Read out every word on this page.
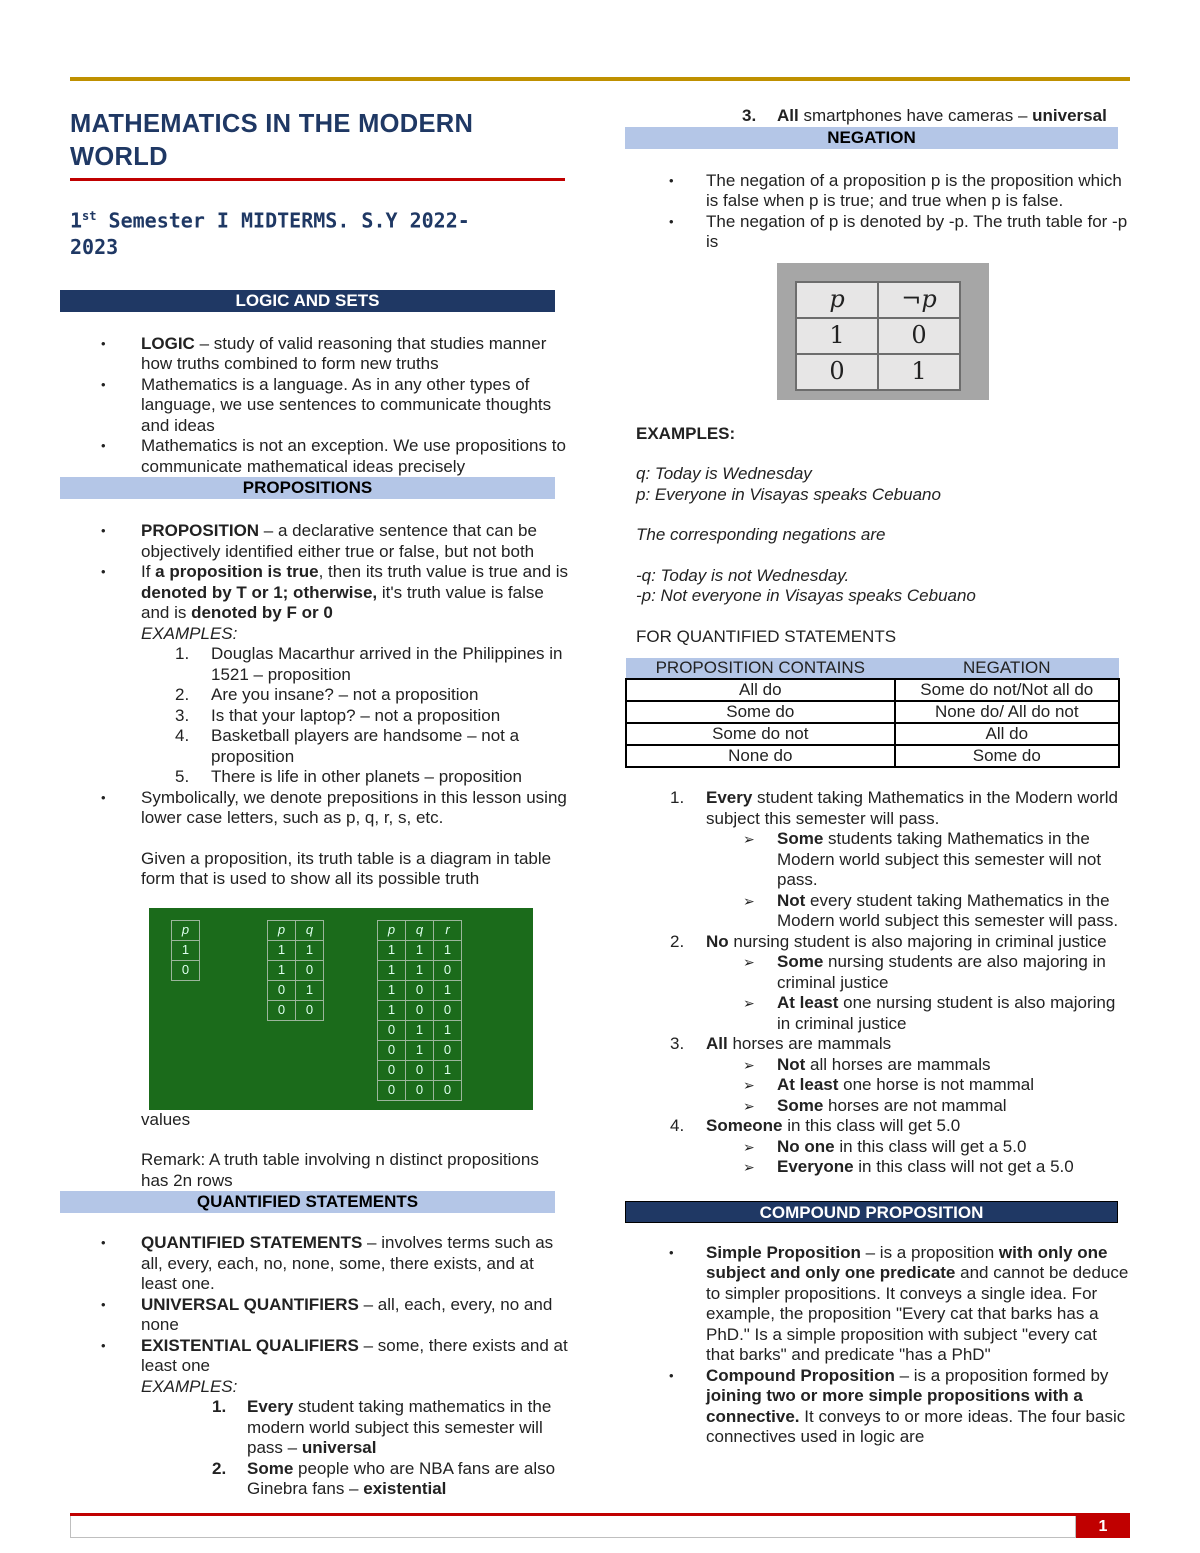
MATHEMATICS IN THE MODERN
WORLD
1st Semester I MIDTERMS. S.Y 2022-
2023
LOGIC AND SETS
• LOGIC – study of valid reasoning that studies manner how truths combined to form new truths
• Mathematics is a language. As in any other types of language, we use sentences to communicate thoughts and ideas
• Mathematics is not an exception. We use propositions to communicate mathematical ideas precisely
PROPOSITIONS
• PROPOSITION – a declarative sentence that can be objectively identified either true or false, but not both
• If a proposition is true, then its truth value is true and is denoted by T or 1; otherwise, it's truth value is false and is denoted by F or 0
EXAMPLES:
1. Douglas Macarthur arrived in the Philippines in 1521 – proposition
2. Are you insane? – not a proposition
3. Is that your laptop? – not a proposition
4. Basketball players are handsome – not a proposition
5. There is life in other planets – proposition
• Symbolically, we denote prepositions in this lesson using lower case letters, such as p, q, r, s, etc.
Given a proposition, its truth table is a diagram in table form that is used to show all its possible truth
p
1
0
p	q
1	1
1	0
0	1
0	0
p	q	r
1	1	1
1	1	0
1	0	1
1	0	0
0	1	1
0	1	0
0	0	1
0	0	0
values
Remark: A truth table involving n distinct propositions has 2n rows
QUANTIFIED STATEMENTS
• QUANTIFIED STATEMENTS – involves terms such as all, every, each, no, none, some, there exists, and at least one.
• UNIVERSAL QUANTIFIERS – all, each, every, no and none
• EXISTENTIAL QUALIFIERS – some, there exists and at least one
EXAMPLES:
1. Every student taking mathematics in the modern world subject this semester will pass – universal
2. Some people who are NBA fans are also Ginebra fans – existential
3. All smartphones have cameras – universal
NEGATION
• The negation of a proposition p is the proposition which is false when p is true; and true when p is false.
• The negation of p is denoted by -p. The truth table for -p is
p	¬p
1	0
0	1
EXAMPLES:
q: Today is Wednesday
p: Everyone in Visayas speaks Cebuano
The corresponding negations are
-q: Today is not Wednesday.
-p: Not everyone in Visayas speaks Cebuano
FOR QUANTIFIED STATEMENTS
PROPOSITION CONTAINS	NEGATION
All do	Some do not/Not all do
Some do	None do/ All do not
Some do not	All do
None do	Some do
1. Every student taking Mathematics in the Modern world subject this semester will pass.
➢ Some students taking Mathematics in the Modern world subject this semester will not pass.
➢ Not every student taking Mathematics in the Modern world subject this semester will pass.
2. No nursing student is also majoring in criminal justice
➢ Some nursing students are also majoring in criminal justice
➢ At least one nursing student is also majoring in criminal justice
3. All horses are mammals
➢ Not all horses are mammals
➢ At least one horse is not mammal
➢ Some horses are not mammal
4. Someone in this class will get 5.0
➢ No one in this class will get a 5.0
➢ Everyone in this class will not get a 5.0
COMPOUND PROPOSITION
• Simple Proposition – is a proposition with only one subject and only one predicate and cannot be deduce to simpler propositions. It conveys a single idea. For example, the proposition "Every cat that barks has a PhD." Is a simple proposition with subject "every cat that barks" and predicate "has a PhD"
• Compound Proposition – is a proposition formed by joining two or more simple propositions with a connective. It conveys to or more ideas. The four basic connectives used in logic are
1
